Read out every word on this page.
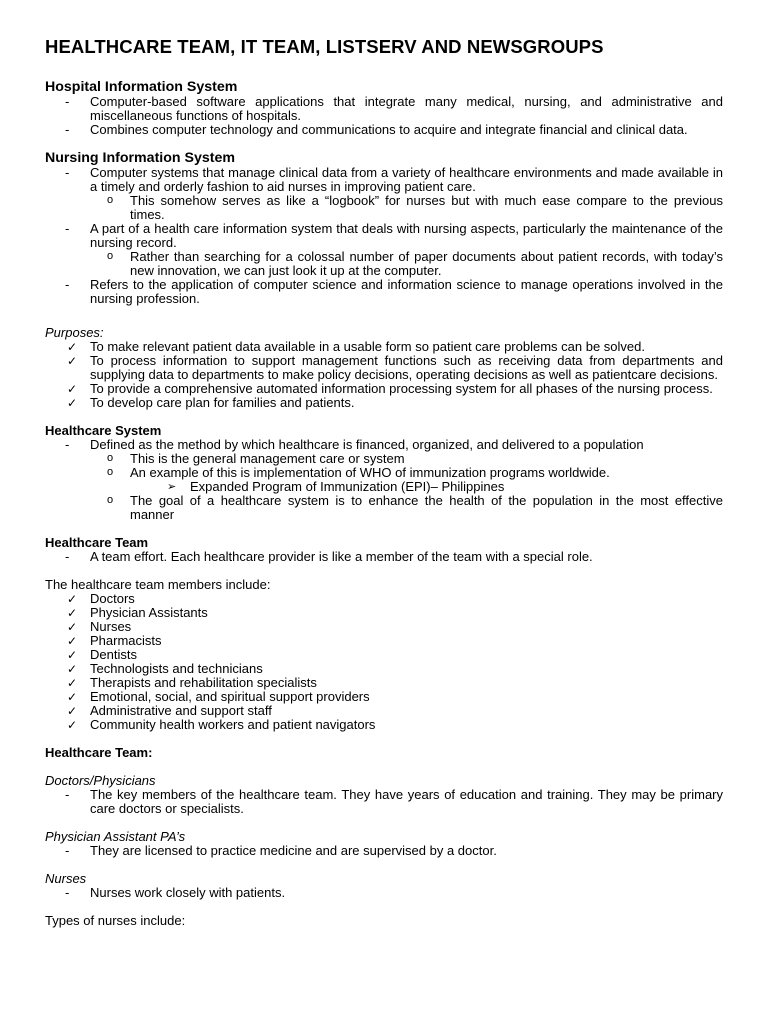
HEALTHCARE TEAM, IT TEAM, LISTSERV AND NEWSGROUPS
Hospital Information System
- Computer-based software applications that integrate many medical, nursing, and administrative and miscellaneous functions of hospitals.
- Combines computer technology and communications to acquire and integrate financial and clinical data.
Nursing Information System
- Computer systems that manage clinical data from a variety of healthcare environments and made available in a timely and orderly fashion to aid nurses in improving patient care.
o This somehow serves as like a “logbook” for nurses but with much ease compare to the previous times.
- A part of a health care information system that deals with nursing aspects, particularly the maintenance of the nursing record.
o Rather than searching for a colossal number of paper documents about patient records, with today’s new innovation, we can just look it up at the computer.
- Refers to the application of computer science and information science to manage operations involved in the nursing profession.

Purposes:

✓ To make relevant patient data available in a usable form so patient care problems can be solved.
✓ To process information to support management functions such as receiving data from departments and supplying data to departments to make policy decisions, operating decisions as well as patientcare decisions.
✓ To provide a comprehensive automated information processing system for all phases of the nursing process.
✓ To develop care plan for families and patients.
Healthcare System
- Defined as the method by which healthcare is financed, organized, and delivered to a population
o This is the general management care or system
o An example of this is implementation of WHO of immunization programs worldwide.
➢ Expanded Program of Immunization (EPI)– Philippines
o The goal of a healthcare system is to enhance the health of the population in the most effective manner
Healthcare Team
- A team effort. Each healthcare provider is like a member of the team with a special role.

The healthcare team members include:

✓ Doctors
✓ Physician Assistants
✓ Nurses
✓ Pharmacists
✓ Dentists
✓ Technologists and technicians
✓ Therapists and rehabilitation specialists
✓ Emotional, social, and spiritual support providers
✓ Administrative and support staff
✓ Community health workers and patient navigators
Healthcare Team:

Doctors/Physicians

- The key members of the healthcare team. They have years of education and training. They may be primary care doctors or specialists.

Physician Assistant PA’s

- They are licensed to practice medicine and are supervised by a doctor.

Nurses

- Nurses work closely with patients.

Types of nurses include:
